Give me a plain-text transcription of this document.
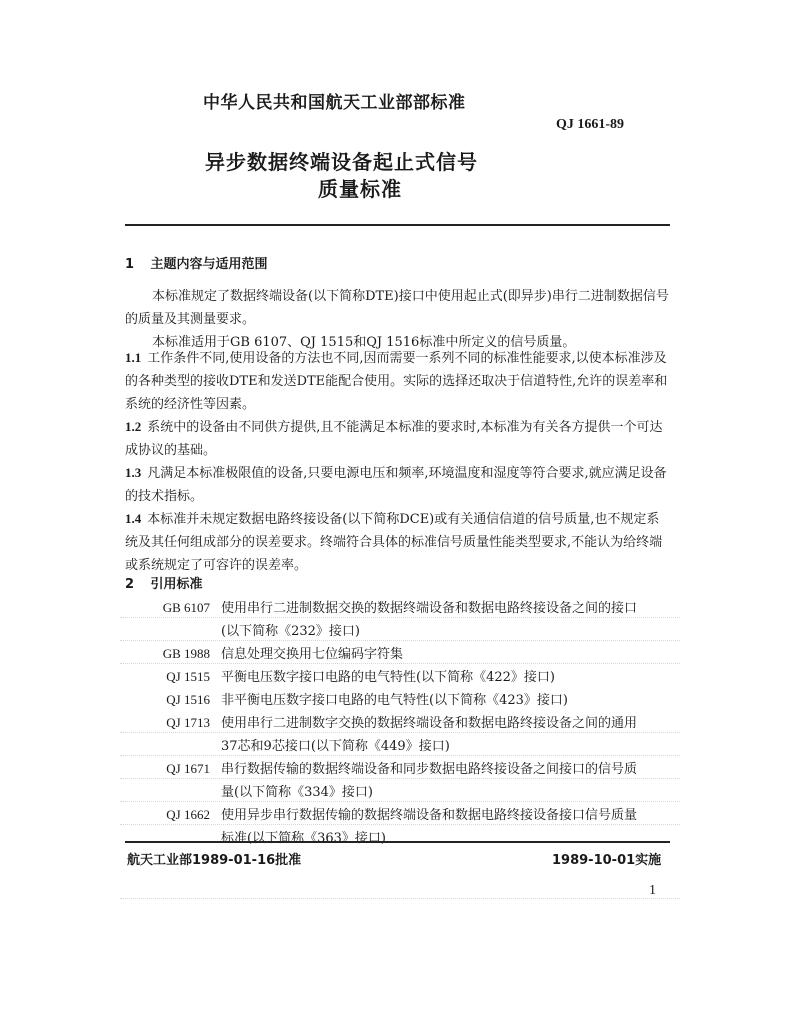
中华人民共和国航天工业部部标准
QJ 1661-89
异步数据终端设备起止式信号
质量标准
1 主题内容与适用范围
本标准规定了数据终端设备(以下简称DTE)接口中使用起止式(即异步)串行二进制数据信号的质量及其测量要求。
本标准适用于GB 6107、QJ 1515和QJ 1516标准中所定义的信号质量。
1.1 工作条件不同,使用设备的方法也不同,因而需要一系列不同的标准性能要求,以使本标准涉及的各种类型的接收DTE和发送DTE能配合使用。实际的选择还取决于信道特性,允许的误差率和系统的经济性等因素。
1.2 系统中的设备由不同供方提供,且不能满足本标准的要求时,本标准为有关各方提供一个可达成协议的基础。
1.3 凡满足本标准极限值的设备,只要电源电压和频率,环境温度和湿度等符合要求,就应满足设备的技术指标。
1.4 本标准并未规定数据电路终接设备(以下简称DCE)或有关通信信道的信号质量,也不规定系统及其任何组成部分的误差要求。终端符合具体的标准信号质量性能类型要求,不能认为给终端或系统规定了可容许的误差率。
2 引用标准
GB 6107 使用串行二进制数据交换的数据终端设备和数据电路终接设备之间的接口
(以下简称《232》接口)
GB 1988 信息处理交换用七位编码字符集
QJ 1515 平衡电压数字接口电路的电气特性(以下简称《422》接口)
QJ 1516 非平衡电压数字接口电路的电气特性(以下简称《423》接口)
QJ 1713 使用串行二进制数字交换的数据终端设备和数据电路终接设备之间的通用
37芯和9芯接口(以下简称《449》接口)
QJ 1671 串行数据传输的数据终端设备和同步数据电路终接设备之间接口的信号质
量(以下简称《334》接口)
QJ 1662 使用异步串行数据传输的数据终端设备和数据电路终接设备接口信号质量
标准(以下简称《363》接口)
航天工业部1989-01-16批准	1989-10-01实施
1
